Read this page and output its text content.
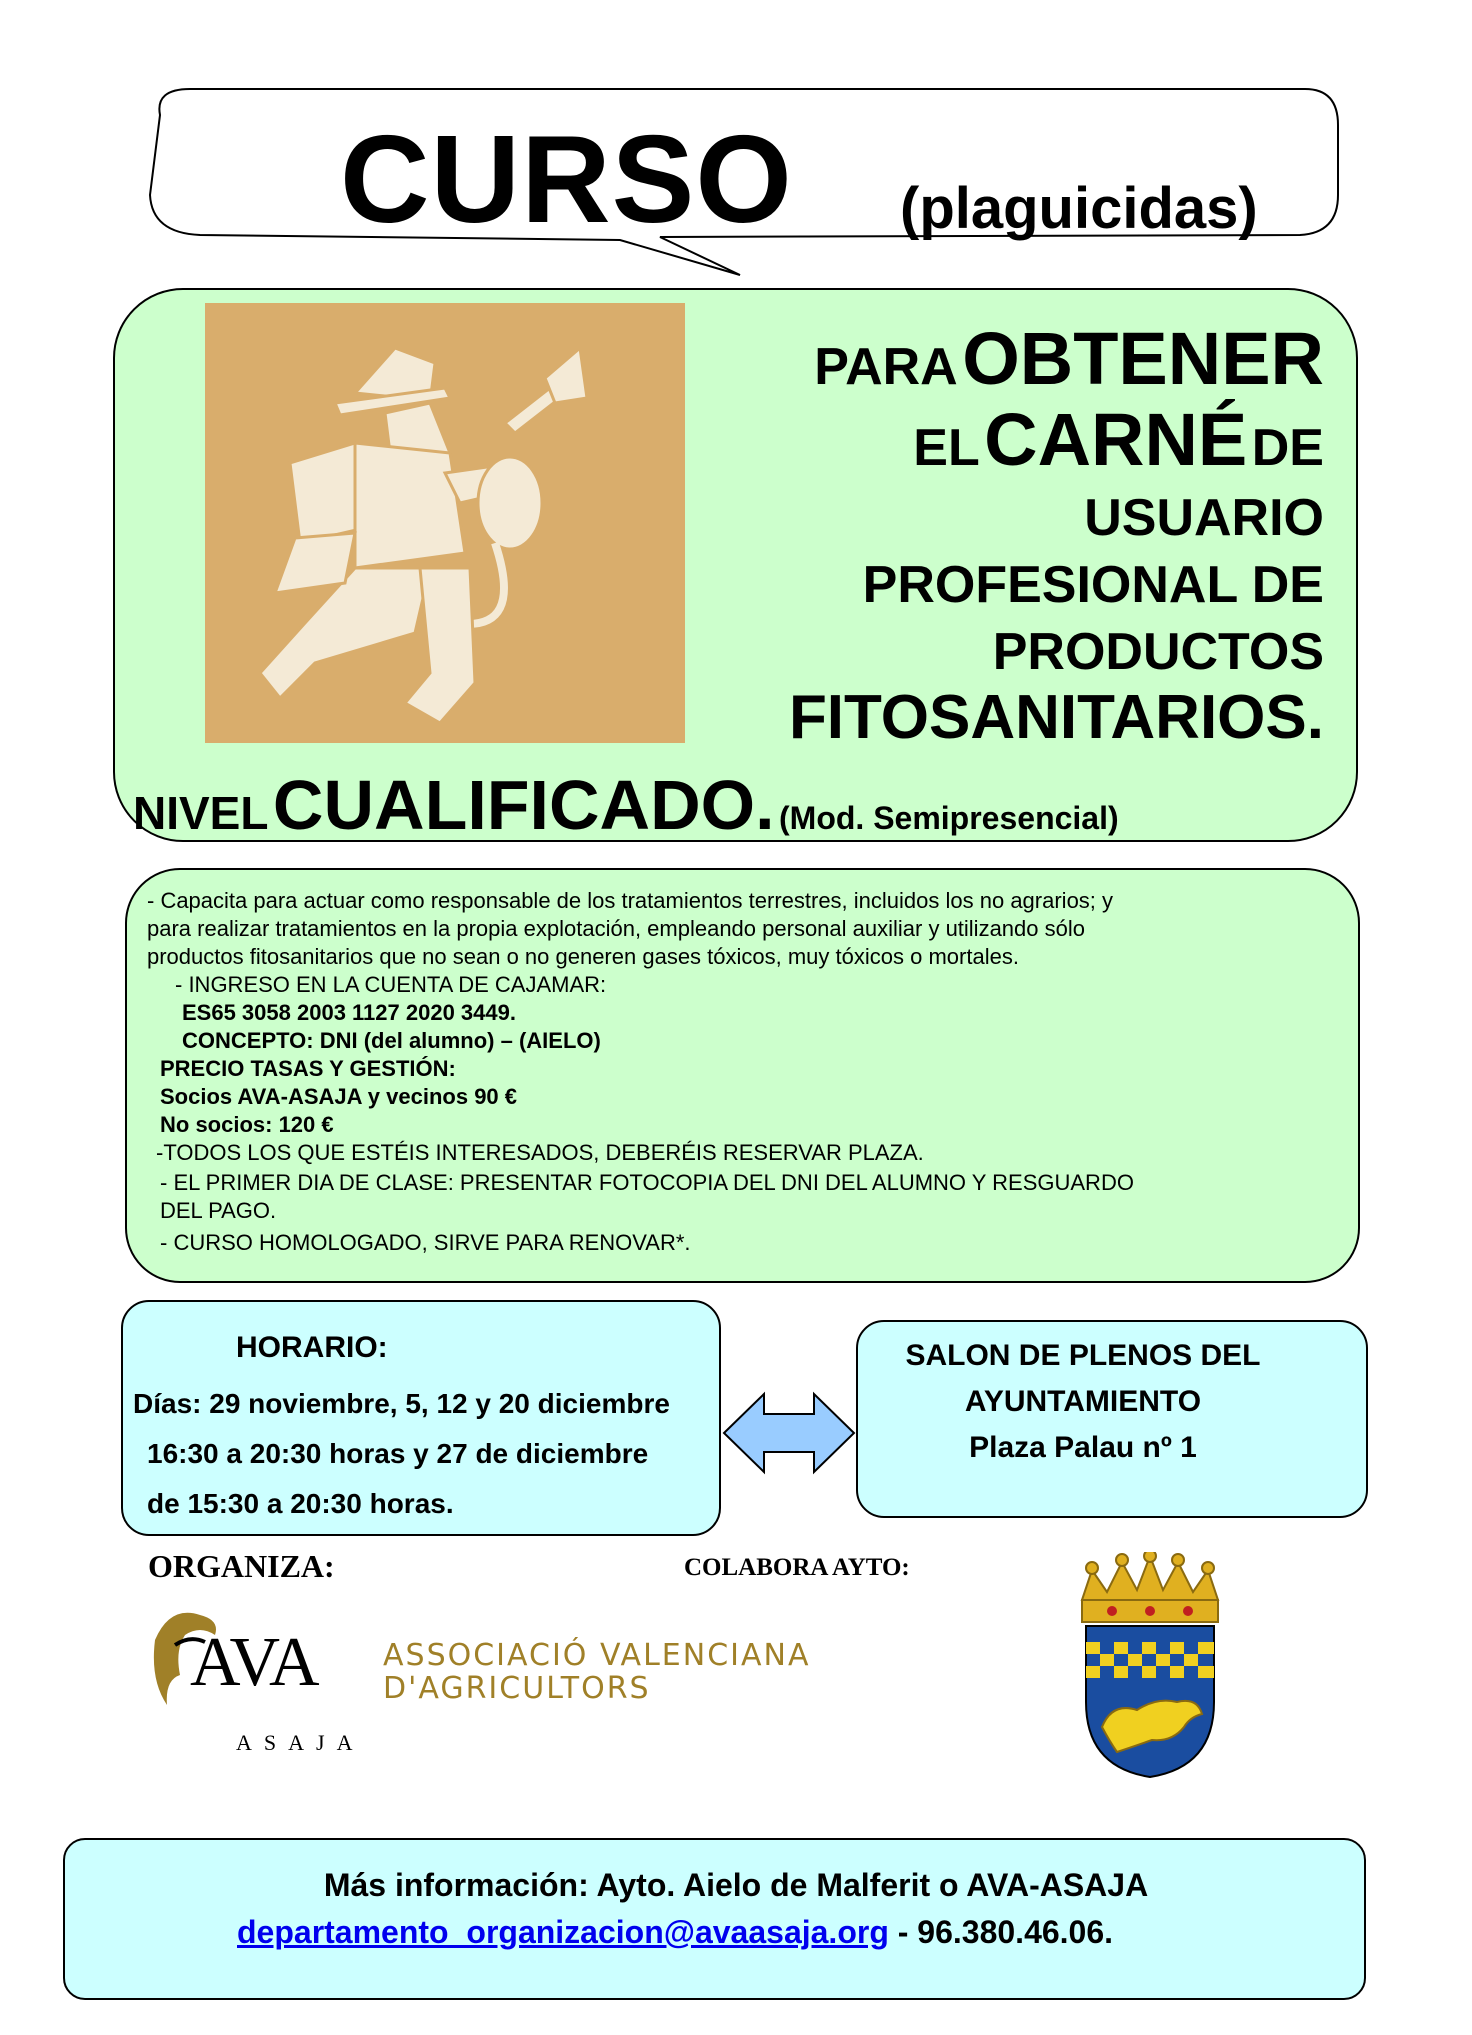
CURSO (plaguicidas)
PARA OBTENER
EL CARNÉ DE
USUARIO
PROFESIONAL DE
PRODUCTOS
FITOSANITARIOS.
NIVEL CUALIFICADO. (Mod. Semipresencial)
- Capacita para actuar como responsable de los tratamientos terrestres, incluidos los no agrarios; y
para realizar tratamientos en la propia explotación, empleando personal auxiliar y utilizando sólo
productos fitosanitarios que no sean o no generen gases tóxicos, muy tóxicos o mortales.
- INGRESO EN LA CUENTA DE CAJAMAR:
ES65 3058 2003 1127 2020 3449.
CONCEPTO: DNI (del alumno) – (AIELO)
PRECIO TASAS Y GESTIÓN:
Socios AVA-ASAJA y vecinos 90 €
No socios: 120 €
-TODOS LOS QUE ESTÉIS INTERESADOS, DEBERÉIS RESERVAR PLAZA.
- EL PRIMER DIA DE CLASE: PRESENTAR FOTOCOPIA DEL DNI DEL ALUMNO Y RESGUARDO
DEL PAGO.
- CURSO HOMOLOGADO, SIRVE PARA RENOVAR*.
HORARIO:
Días: 29 noviembre, 5, 12 y 20 diciembre
16:30 a 20:30 horas y 27 de diciembre
de 15:30 a 20:30 horas.
SALON DE PLENOS DEL
AYUNTAMIENTO
Plaza Palau nº 1
ORGANIZA:	COLABORA AYTO:
AVA ASSOCIACIÓ VALENCIANA
D'AGRICULTORS
ASAJA
Más información: Ayto. Aielo de Malferit o AVA-ASAJA
departamento_organizacion@avaasaja.org - 96.380.46.06.
